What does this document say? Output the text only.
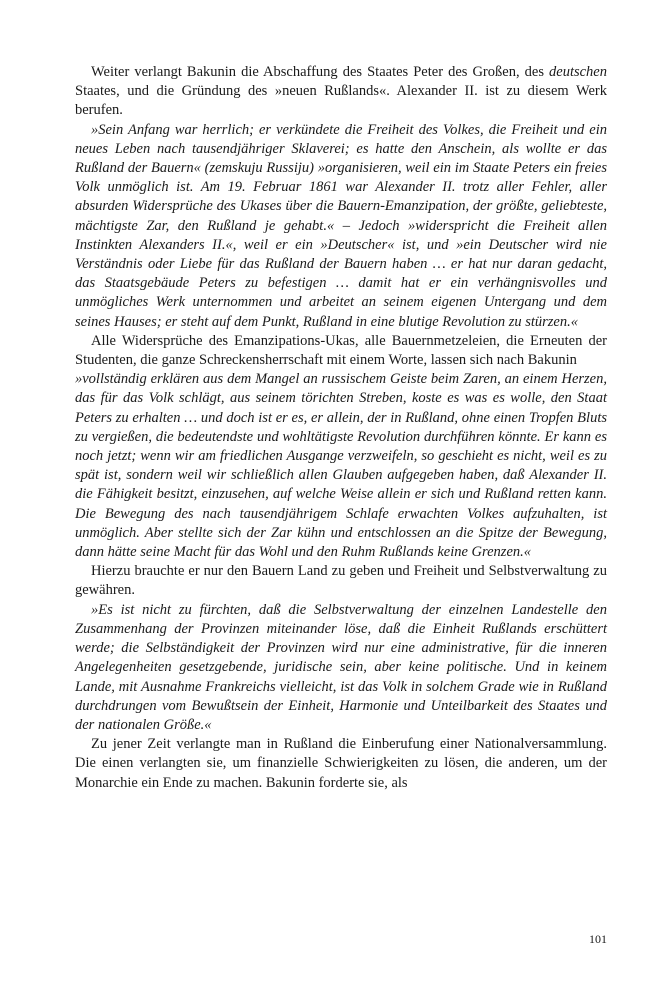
Weiter verlangt Bakunin die Abschaffung des Staates Peter des Großen, des deutschen Staates, und die Gründung des »neuen Rußlands«. Alexander II. ist zu diesem Werk berufen.

»Sein Anfang war herrlich; er verkündete die Freiheit des Volkes, die Freiheit und ein neues Leben nach tausendjähriger Sklaverei; es hatte den Anschein, als wollte er das Rußland der Bauern« (zemskuju Russiju) »organisieren, weil ein im Staate Peters ein freies Volk unmöglich ist. Am 19. Februar 1861 war Alexander II. trotz aller Fehler, aller absurden Widersprüche des Ukases über die Bauern-Emanzipation, der größte, geliebteste, mächtigste Zar, den Rußland je gehabt.« – Jedoch »widerspricht die Freiheit allen Instinkten Alexanders II.«, weil er ein »Deutscher« ist, und »ein Deutscher wird nie Verständnis oder Liebe für das Rußland der Bauern haben … er hat nur daran gedacht, das Staatsgebäude Peters zu befestigen … damit hat er ein verhängnisvolles und unmögliches Werk unternommen und arbeitet an seinem eigenen Untergang und dem seines Hauses; er steht auf dem Punkt, Rußland in eine blutige Revolution zu stürzen.«

Alle Widersprüche des Emanzipations-Ukas, alle Bauernmetzeleien, die Erneuten der Studenten, die ganze Schreckensherrschaft mit einem Worte, lassen sich nach Bakunin

»vollständig erklären aus dem Mangel an russischem Geiste beim Zaren, an einem Herzen, das für das Volk schlägt, aus seinem törichten Streben, koste es was es wolle, den Staat Peters zu erhalten … und doch ist er es, er allein, der in Rußland, ohne einen Tropfen Bluts zu vergießen, die bedeutendste und wohltätigste Revolution durchführen könnte. Er kann es noch jetzt; wenn wir am friedlichen Ausgange verzweifeln, so geschieht es nicht, weil es zu spät ist, sondern weil wir schließlich allen Glauben aufgegeben haben, daß Alexander II. die Fähigkeit besitzt, einzusehen, auf welche Weise allein er sich und Rußland retten kann. Die Bewegung des nach tausendjährigem Schlafe erwachten Volkes aufzuhalten, ist unmöglich. Aber stellte sich der Zar kühn und entschlossen an die Spitze der Bewegung, dann hätte seine Macht für das Wohl und den Ruhm Rußlands keine Grenzen.«

Hierzu brauchte er nur den Bauern Land zu geben und Freiheit und Selbstverwaltung zu gewähren.

»Es ist nicht zu fürchten, daß die Selbstverwaltung der einzelnen Landestelle den Zusammenhang der Provinzen miteinander löse, daß die Einheit Rußlands erschüttert werde; die Selbständigkeit der Provinzen wird nur eine administrative, für die inneren Angelegenheiten gesetzgebende, juridische sein, aber keine politische. Und in keinem Lande, mit Ausnahme Frankreichs vielleicht, ist das Volk in solchem Grade wie in Rußland durchdrungen vom Bewußtsein der Einheit, Harmonie und Unteilbarkeit des Staates und der nationalen Größe.«

Zu jener Zeit verlangte man in Rußland die Einberufung einer Nationalversammlung. Die einen verlangten sie, um finanzielle Schwierigkeiten zu lösen, die anderen, um der Monarchie ein Ende zu machen. Bakunin forderte sie, als

101
